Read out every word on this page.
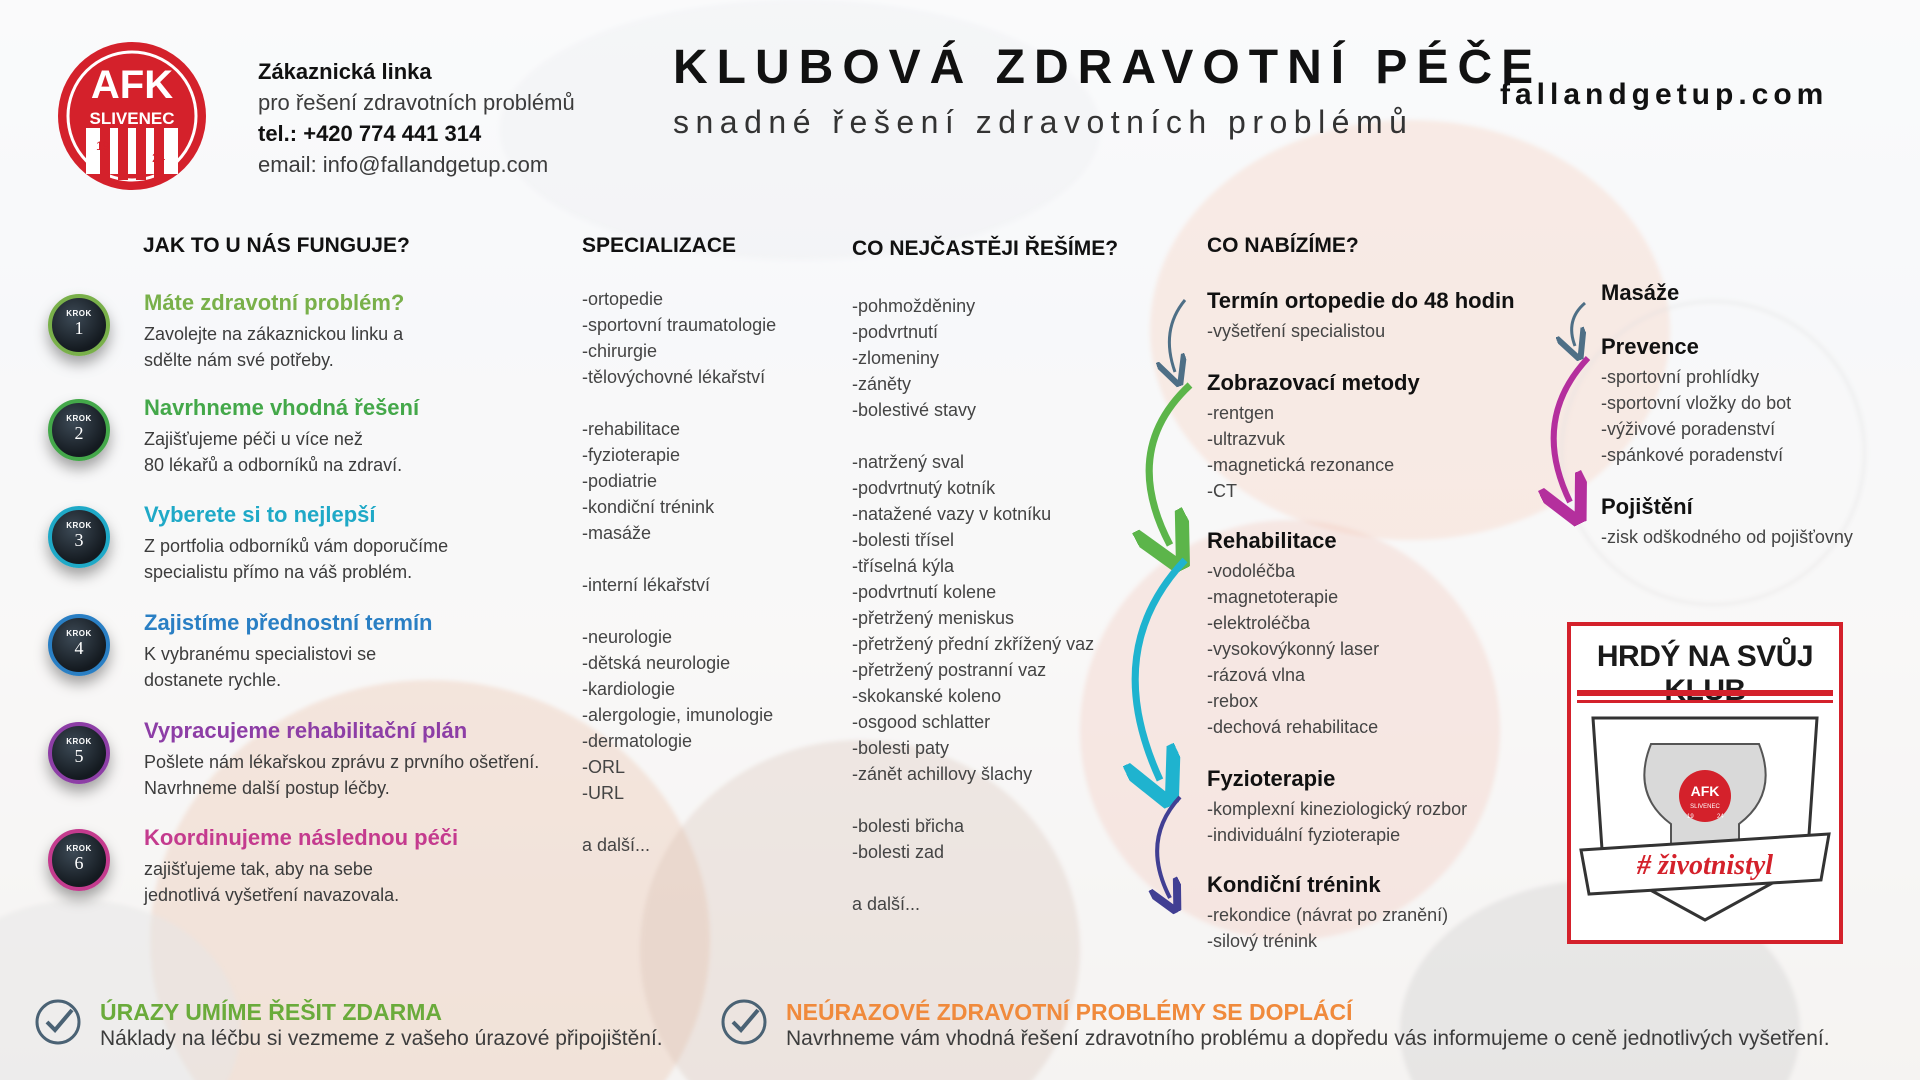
AFK
SLIVENEC
19
24
Zákaznická linka
pro řešení zdravotních problémů
tel.: +420 774 441 314
email: info@fallandgetup.com
KLUBOVÁ ZDRAVOTNÍ PÉČE
snadné řešení zdravotních problémů
fallandgetup.com
JAK TO U NÁS FUNGUJE?
KROK
1
Máte zdravotní problém?
Zavolejte na zákaznickou linku a
sdělte nám své potřeby.
KROK
2
Navrhneme vhodná řešení
Zajišťujeme péči u více než
80 lékařů a odborníků na zdraví.
KROK
3
Vyberete si to nejlepší
Z portfolia odborníků vám doporučíme
specialistu přímo na váš problém.
KROK
4
Zajistíme přednostní termín
K vybranému specialistovi se
dostanete rychle.
KROK
5
Vypracujeme rehabilitační plán
Pošlete nám lékařskou zprávu z prvního ošetření.
Navrhneme další postup léčby.
KROK
6
Koordinujeme následnou péči
zajišťujeme tak, aby na sebe
jednotlivá vyšetření navazovala.
SPECIALIZACE
-ortopedie
-sportovní traumatologie
-chirurgie
-tělovýchovné lékařství
-rehabilitace
-fyzioterapie
-podiatrie
-kondiční trénink
-masáže
-interní lékařství
-neurologie
-dětská neurologie
-kardiologie
-alergologie, imunologie
-dermatologie
-ORL
-URL
a další...
CO NEJČASTĚJI ŘEŠÍME?
-pohmožděniny
-podvrtnutí
-zlomeniny
-záněty
-bolestivé stavy
-natržený sval
-podvrtnutý kotník
-natažené vazy v kotníku
-bolesti třísel
-tříselná kýla
-podvrtnutí kolene
-přetržený meniskus
-přetržený přední zkřížený vaz
-přetržený postranní vaz
-skokanské koleno
-osgood schlatter
-bolesti paty
-zánět achillovy šlachy
-bolesti břicha
-bolesti zad
a další...
CO NABÍZÍME?
Termín ortopedie do 48 hodin
-vyšetření specialistou
Zobrazovací metody
-rentgen
-ultrazvuk
-magnetická rezonance
-CT
Rehabilitace
-vodoléčba
-magnetoterapie
-elektroléčba
-vysokovýkonný laser
-rázová vlna
-rebox
-dechová rehabilitace
Fyzioterapie
-komplexní kineziologický rozbor
-individuální fyzioterapie
Kondiční trénink
-rekondice (návrat po zranění)
-silový trénink
Masáže
Prevence
-sportovní prohlídky
-sportovní vložky do bot
-výživové poradenství
-spánkové poradenství
Pojištění
-zisk odškodného od pojišťovny
HRDÝ NA SVŮJ
AFK
SLIVENEC
19	24
# životnistyl
ÚRAZY UMÍME ŘEŠIT ZDARMA
Náklady na léčbu si vezmeme z vašeho úrazové připojištění.
NEÚRAZOVÉ ZDRAVOTNÍ PROBLÉMY SE DOPLÁCÍ
Navrhneme vám vhodná řešení zdravotního problému a dopředu vás informujeme o ceně jednotlivých vyšetření.
